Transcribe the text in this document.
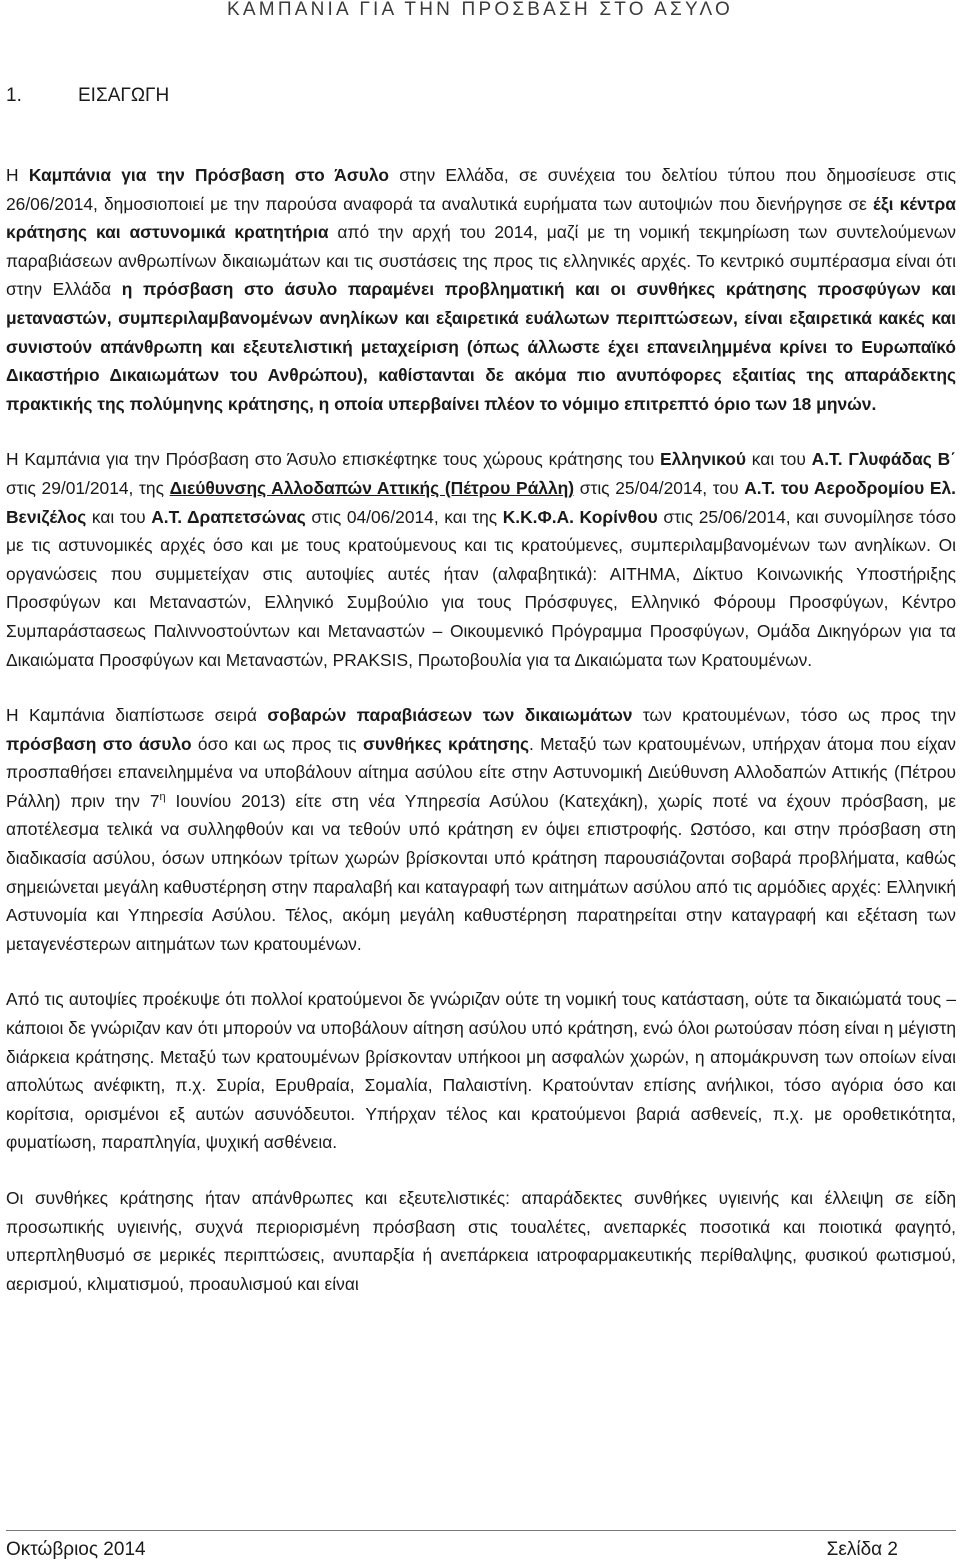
ΚΑΜΠΑΝΙΑ ΓΙΑ ΤΗΝ ΠΡΟΣΒΑΣΗ ΣΤΟ ΑΣΥΛΟ
1.	ΕΙΣΑΓΩΓΗ

Η Καμπάνια για την Πρόσβαση στο Άσυλο στην Ελλάδα, σε συνέχεια του δελτίου τύπου που δημοσίευσε στις 26/06/2014, δημοσιοποιεί με την παρούσα αναφορά τα αναλυτικά ευρήματα των αυτοψιών που διενήργησε σε έξι κέντρα κράτησης και αστυνομικά κρατητήρια από την αρχή του 2014, μαζί με τη νομική τεκμηρίωση των συντελούμενων παραβιάσεων ανθρωπίνων δικαιωμάτων και τις συστάσεις της προς τις ελληνικές αρχές. Το κεντρικό συμπέρασμα είναι ότι στην Ελλάδα η πρόσβαση στο άσυλο παραμένει προβληματική και οι συνθήκες κράτησης προσφύγων και μεταναστών, συμπεριλαμβανομένων ανηλίκων και εξαιρετικά ευάλωτων περιπτώσεων, είναι εξαιρετικά κακές και συνιστούν απάνθρωπη και εξευτελιστική μεταχείριση (όπως άλλωστε έχει επανειλημμένα κρίνει το Ευρωπαϊκό Δικαστήριο Δικαιωμάτων του Ανθρώπου), καθίστανται δε ακόμα πιο ανυπόφορες εξαιτίας της απαράδεκτης πρακτικής της πολύμηνης κράτησης, η οποία υπερβαίνει πλέον το νόμιμο επιτρεπτό όριο των 18 μηνών.

Η Καμπάνια για την Πρόσβαση στο Άσυλο επισκέφτηκε τους χώρους κράτησης του Ελληνικού και του Α.Τ. Γλυφάδας Β΄ στις 29/01/2014, της Διεύθυνσης Αλλοδαπών Αττικής (Πέτρου Ράλλη) στις 25/04/2014, του Α.Τ. του Αεροδρομίου Ελ. Βενιζέλος και του Α.Τ. Δραπετσώνας στις 04/06/2014, και της Κ.Κ.Φ.Α. Κορίνθου στις 25/06/2014, και συνομίλησε τόσο με τις αστυνομικές αρχές όσο και με τους κρατούμενους και τις κρατούμενες, συμπεριλαμβανομένων των ανηλίκων. Οι οργανώσεις που συμμετείχαν στις αυτοψίες αυτές ήταν (αλφαβητικά): ΑΙΤΗΜΑ, Δίκτυο Κοινωνικής Υποστήριξης Προσφύγων και Μεταναστών, Ελληνικό Συμβούλιο για τους Πρόσφυγες, Ελληνικό Φόρουμ Προσφύγων, Κέντρο Συμπαράστασεως Παλιννοστούντων και Μεταναστών – Οικουμενικό Πρόγραμμα Προσφύγων, Ομάδα Δικηγόρων για τα Δικαιώματα Προσφύγων και Μεταναστών, PRAKSIS, Πρωτοβουλία για τα Δικαιώματα των Κρατουμένων.

Η Καμπάνια διαπίστωσε σειρά σοβαρών παραβιάσεων των δικαιωμάτων των κρατουμένων, τόσο ως προς την πρόσβαση στο άσυλο όσο και ως προς τις συνθήκες κράτησης. Μεταξύ των κρατουμένων, υπήρχαν άτομα που είχαν προσπαθήσει επανειλημμένα να υποβάλουν αίτημα ασύλου είτε στην Αστυνομική Διεύθυνση Αλλοδαπών Αττικής (Πέτρου Ράλλη) πριν την $7^\eta$ Ιουνίου 2013) είτε στη νέα Υπηρεσία Ασύλου (Κατεχάκη), χωρίς ποτέ να έχουν πρόσβαση, με αποτέλεσμα τελικά να συλληφθούν και να τεθούν υπό κράτηση εν όψει επιστροφής. Ωστόσο, και στην πρόσβαση στη διαδικασία ασύλου, όσων υπηκόων τρίτων χωρών βρίσκονται υπό κράτηση παρουσιάζονται σοβαρά προβλήματα, καθώς σημειώνεται μεγάλη καθυστέρηση στην παραλαβή και καταγραφή των αιτημάτων ασύλου από τις αρμόδιες αρχές: Ελληνική Αστυνομία και Υπηρεσία Ασύλου. Τέλος, ακόμη μεγάλη καθυστέρηση παρατηρείται στην καταγραφή και εξέταση των μεταγενέστερων αιτημάτων των κρατουμένων.

Από τις αυτοψίες προέκυψε ότι πολλοί κρατούμενοι δε γνώριζαν ούτε τη νομική τους κατάσταση, ούτε τα δικαιώματά τους – κάποιοι δε γνώριζαν καν ότι μπορούν να υποβάλουν αίτηση ασύλου υπό κράτηση, ενώ όλοι ρωτούσαν πόση είναι η μέγιστη διάρκεια κράτησης. Μεταξύ των κρατουμένων βρίσκονταν υπήκοοι μη ασφαλών χωρών, η απομάκρυνση των οποίων είναι απολύτως ανέφικτη, π.χ. Συρία, Ερυθραία, Σομαλία, Παλαιστίνη. Κρατούνταν επίσης ανήλικοι, τόσο αγόρια όσο και κορίτσια, ορισμένοι εξ αυτών ασυνόδευτοι. Υπήρχαν τέλος και κρατούμενοι βαριά ασθενείς, π.χ. με οροθετικότητα, φυματίωση, παραπληγία, ψυχική ασθένεια.

Οι συνθήκες κράτησης ήταν απάνθρωπες και εξευτελιστικές: απαράδεκτες συνθήκες υγιεινής και έλλειψη σε είδη προσωπικής υγιεινής, συχνά περιορισμένη πρόσβαση στις τουαλέτες, ανεπαρκές ποσοτικά και ποιοτικά φαγητό, υπερπληθυσμό σε μερικές περιπτώσεις, ανυπαρξία ή ανεπάρκεια ιατροφαρμακευτικής περίθαλψης, φυσικού φωτισμού, αερισμού, κλιματισμού, προαυλισμού και είναι

Οκτώβριος 2014	Σελίδα 2
